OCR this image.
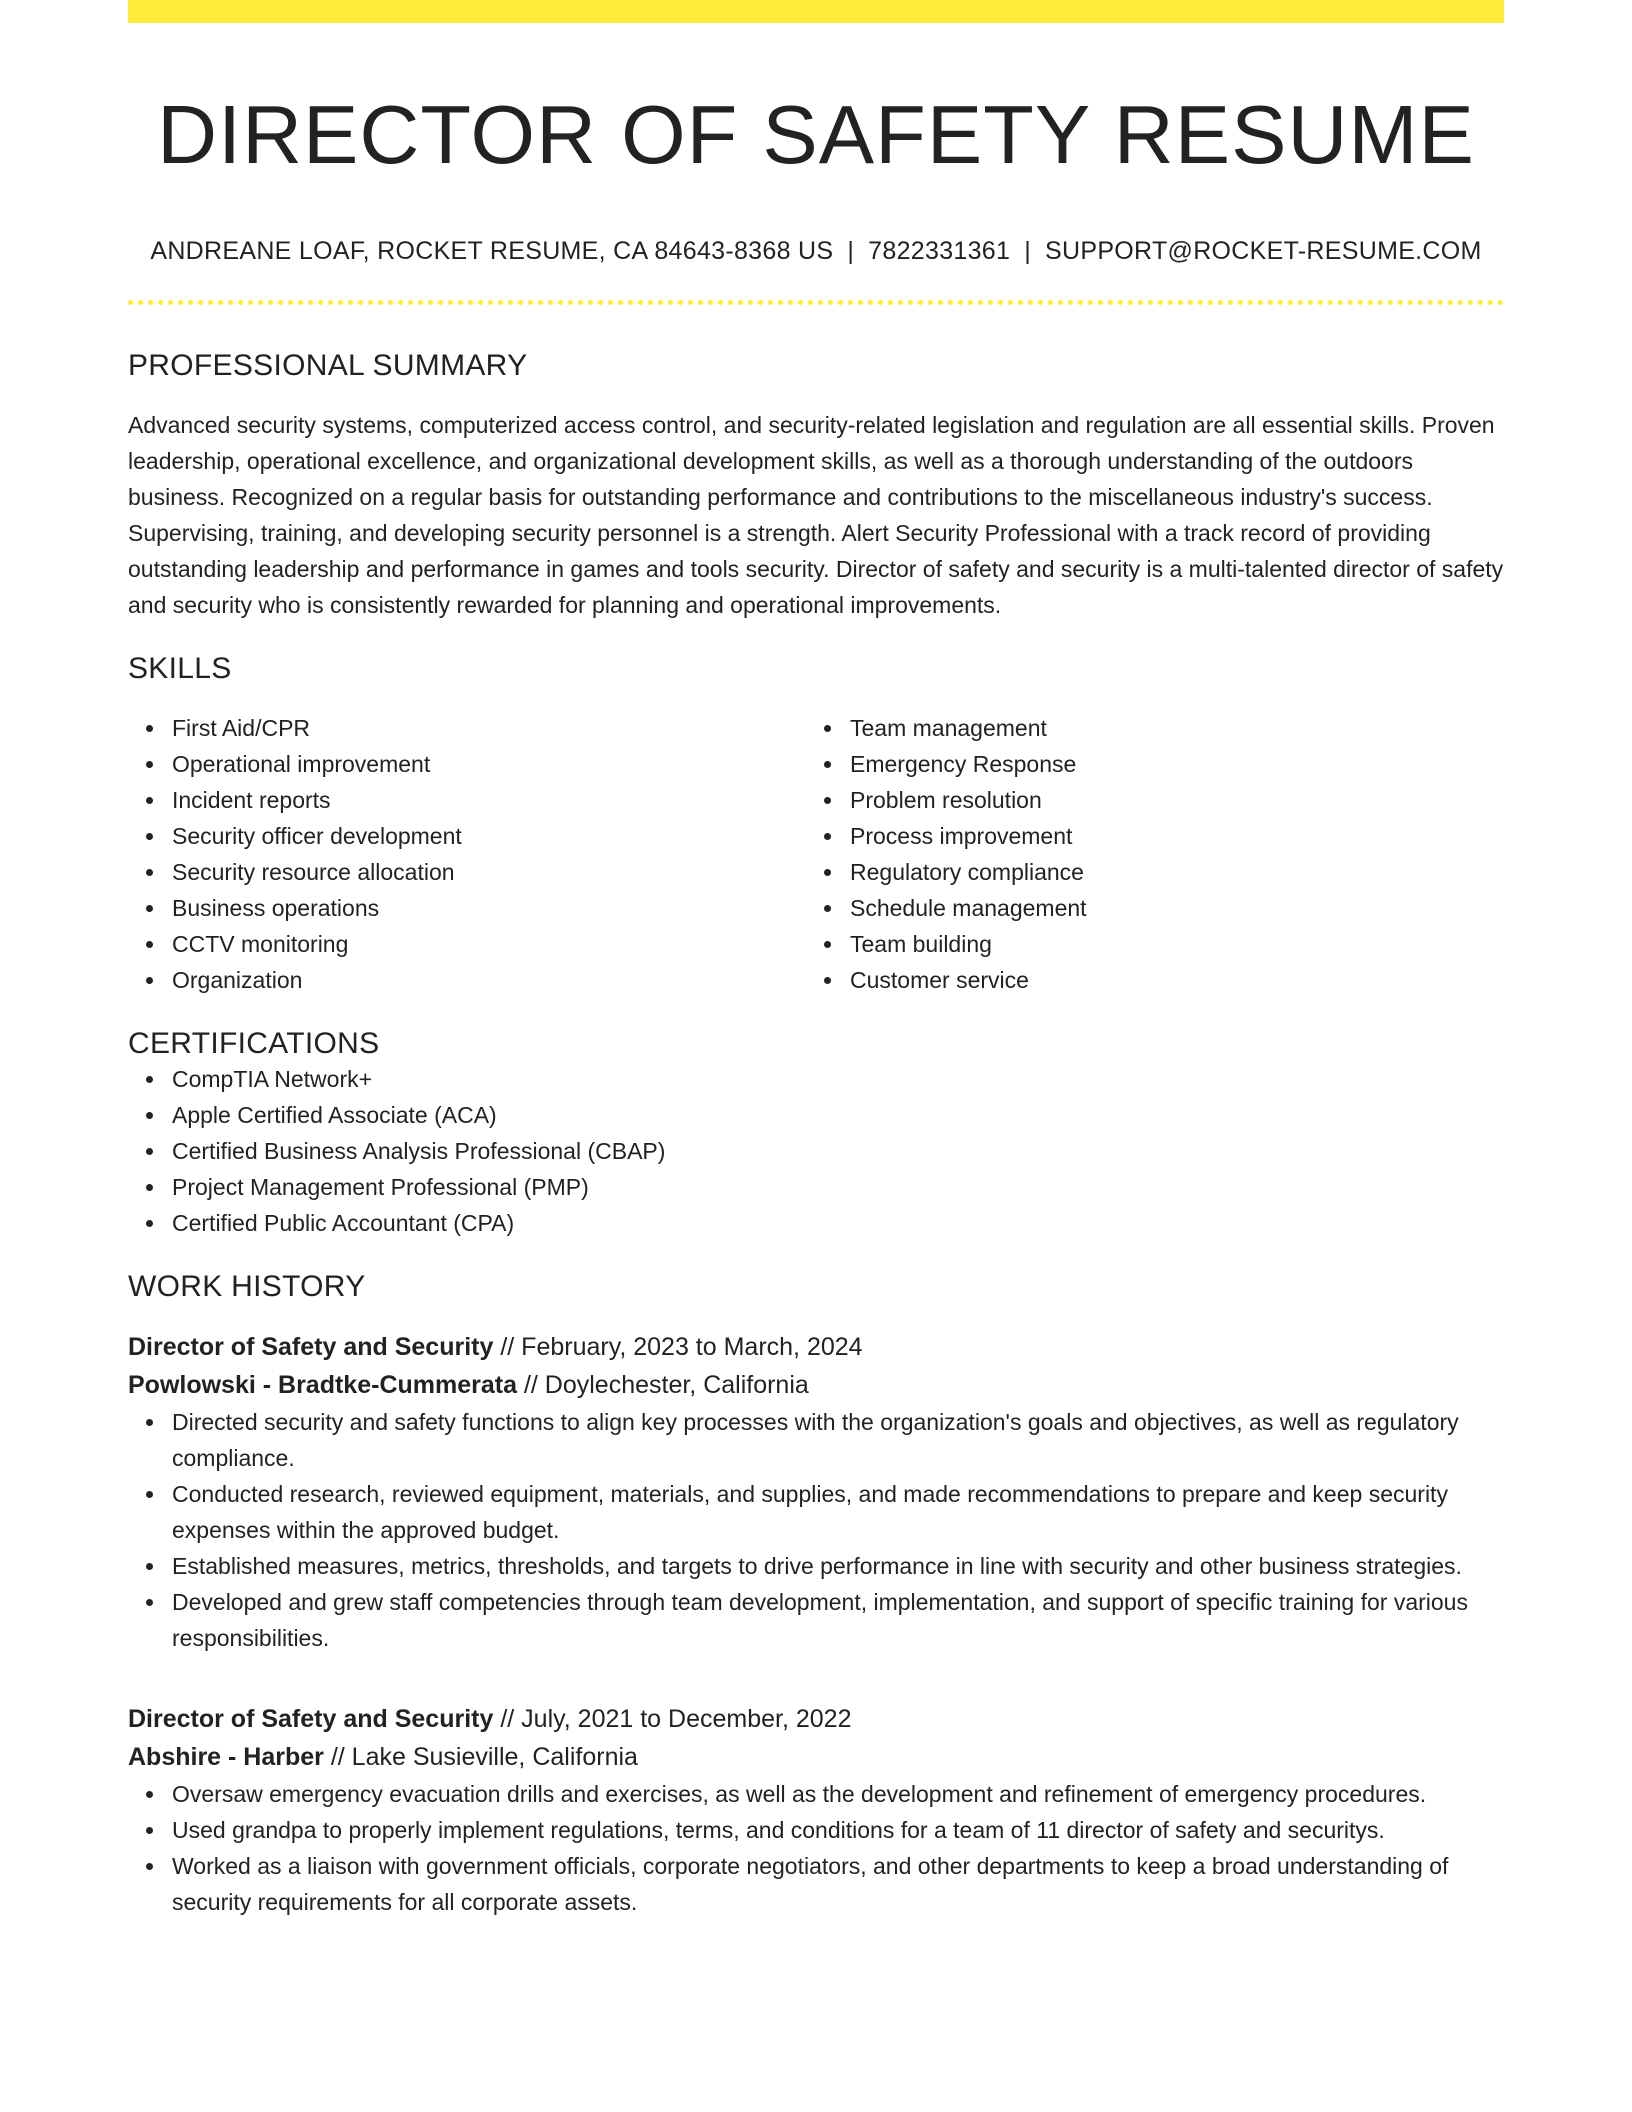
DIRECTOR OF SAFETY RESUME
ANDREANE LOAF, ROCKET RESUME, CA 84643-8368 US | 7822331361 | SUPPORT@ROCKET-RESUME.COM
PROFESSIONAL SUMMARY
Advanced security systems, computerized access control, and security-related legislation and regulation are all essential skills. Proven leadership, operational excellence, and organizational development skills, as well as a thorough understanding of the outdoors business. Recognized on a regular basis for outstanding performance and contributions to the miscellaneous industry's success. Supervising, training, and developing security personnel is a strength. Alert Security Professional with a track record of providing outstanding leadership and performance in games and tools security. Director of safety and security is a multi-talented director of safety and security who is consistently rewarded for planning and operational improvements.
SKILLS
First Aid/CPR
Operational improvement
Incident reports
Security officer development
Security resource allocation
Business operations
CCTV monitoring
Organization
Team management
Emergency Response
Problem resolution
Process improvement
Regulatory compliance
Schedule management
Team building
Customer service
CERTIFICATIONS
CompTIA Network+
Apple Certified Associate (ACA)
Certified Business Analysis Professional (CBAP)
Project Management Professional (PMP)
Certified Public Accountant (CPA)
WORK HISTORY
Director of Safety and Security // February, 2023 to March, 2024
Powlowski - Bradtke-Cummerata // Doylechester, California
Directed security and safety functions to align key processes with the organization's goals and objectives, as well as regulatory compliance.
Conducted research, reviewed equipment, materials, and supplies, and made recommendations to prepare and keep security expenses within the approved budget.
Established measures, metrics, thresholds, and targets to drive performance in line with security and other business strategies.
Developed and grew staff competencies through team development, implementation, and support of specific training for various responsibilities.
Director of Safety and Security // July, 2021 to December, 2022
Abshire - Harber // Lake Susieville, California
Oversaw emergency evacuation drills and exercises, as well as the development and refinement of emergency procedures.
Used grandpa to properly implement regulations, terms, and conditions for a team of 11 director of safety and securitys.
Worked as a liaison with government officials, corporate negotiators, and other departments to keep a broad understanding of security requirements for all corporate assets.
